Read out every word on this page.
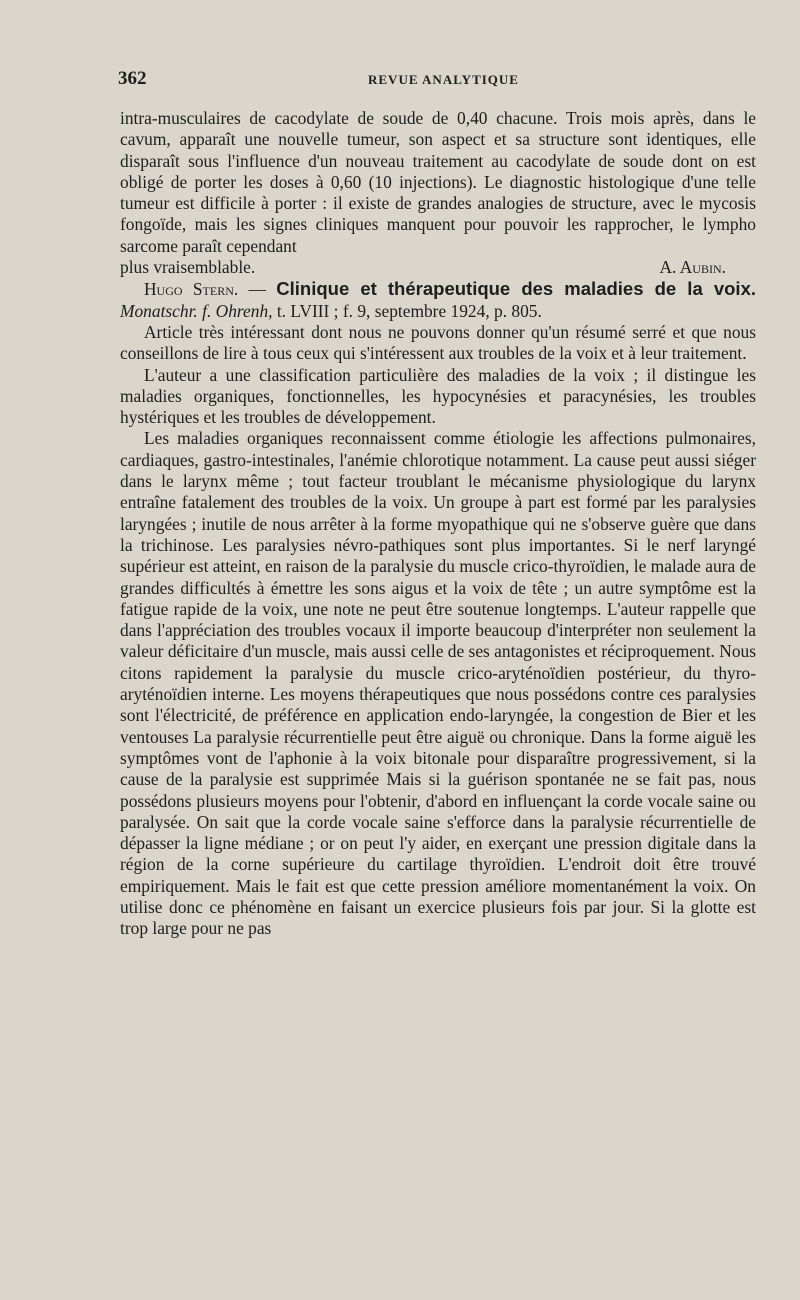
362	REVUE ANALYTIQUE

intra-musculaires de cacodylate de soude de 0,40 chacune. Trois mois après, dans le cavum, apparaît une nouvelle tumeur, son aspect et sa structure sont identiques, elle disparaît sous l'influence d'un nouveau traitement au cacodylate de soude dont on est obligé de porter les doses à 0,60 (10 injections). Le diagnostic histologique d'une telle tumeur est difficile à porter : il existe de grandes analogies de structure, avec le mycosis fongoïde, mais les signes cliniques manquent pour pouvoir les rapprocher, le lympho sarcome paraît cependant

plus vraisemblable.	A. Aubin.

Hugo Stern. — Clinique et thérapeutique des maladies de la voix. Monatschr. f. Ohrenh, t. LVIII ; f. 9, septembre 1924, p. 805.

Article très intéressant dont nous ne pouvons donner qu'un résumé serré et que nous conseillons de lire à tous ceux qui s'intéressent aux troubles de la voix et à leur traitement.

L'auteur a une classification particulière des maladies de la voix ; il distingue les maladies organiques, fonctionnelles, les hypocynésies et paracynésies, les troubles hystériques et les troubles de développement.

Les maladies organiques reconnaissent comme étiologie les affections pulmonaires, cardiaques, gastro-intestinales, l'anémie chlorotique notamment. La cause peut aussi siéger dans le larynx même ; tout facteur troublant le mécanisme physiologique du larynx entraîne fatalement des troubles de la voix. Un groupe à part est formé par les paralysies laryngées ; inutile de nous arrêter à la forme myopathique qui ne s'observe guère que dans la trichinose. Les paralysies névro-pathiques sont plus importantes. Si le nerf laryngé supérieur est atteint, en raison de la paralysie du muscle crico-thyroïdien, le malade aura de grandes difficultés à émettre les sons aigus et la voix de tête ; un autre symptôme est la fatigue rapide de la voix, une note ne peut être soutenue longtemps. L'auteur rappelle que dans l'appréciation des troubles vocaux il importe beaucoup d'interpréter non seulement la valeur déficitaire d'un muscle, mais aussi celle de ses antagonistes et réciproquement. Nous citons rapidement la paralysie du muscle crico-aryténoïdien postérieur, du thyro-aryténoïdien interne. Les moyens thérapeutiques que nous possédons contre ces paralysies sont l'électricité, de préférence en application endo-laryngée, la congestion de Bier et les ventouses La paralysie récurrentielle peut être aiguë ou chronique. Dans la forme aiguë les symptômes vont de l'aphonie à la voix bitonale pour disparaître progressivement, si la cause de la paralysie est supprimée Mais si la guérison spontanée ne se fait pas, nous possédons plusieurs moyens pour l'obtenir, d'abord en influençant la corde vocale saine ou paralysée. On sait que la corde vocale saine s'efforce dans la paralysie récurrentielle de dépasser la ligne médiane ; or on peut l'y aider, en exerçant une pression digitale dans la région de la corne supérieure du cartilage thyroïdien. L'endroit doit être trouvé empiriquement. Mais le fait est que cette pression améliore momentanément la voix. On utilise donc ce phénomène en faisant un exercice plusieurs fois par jour. Si la glotte est trop large pour ne pas
